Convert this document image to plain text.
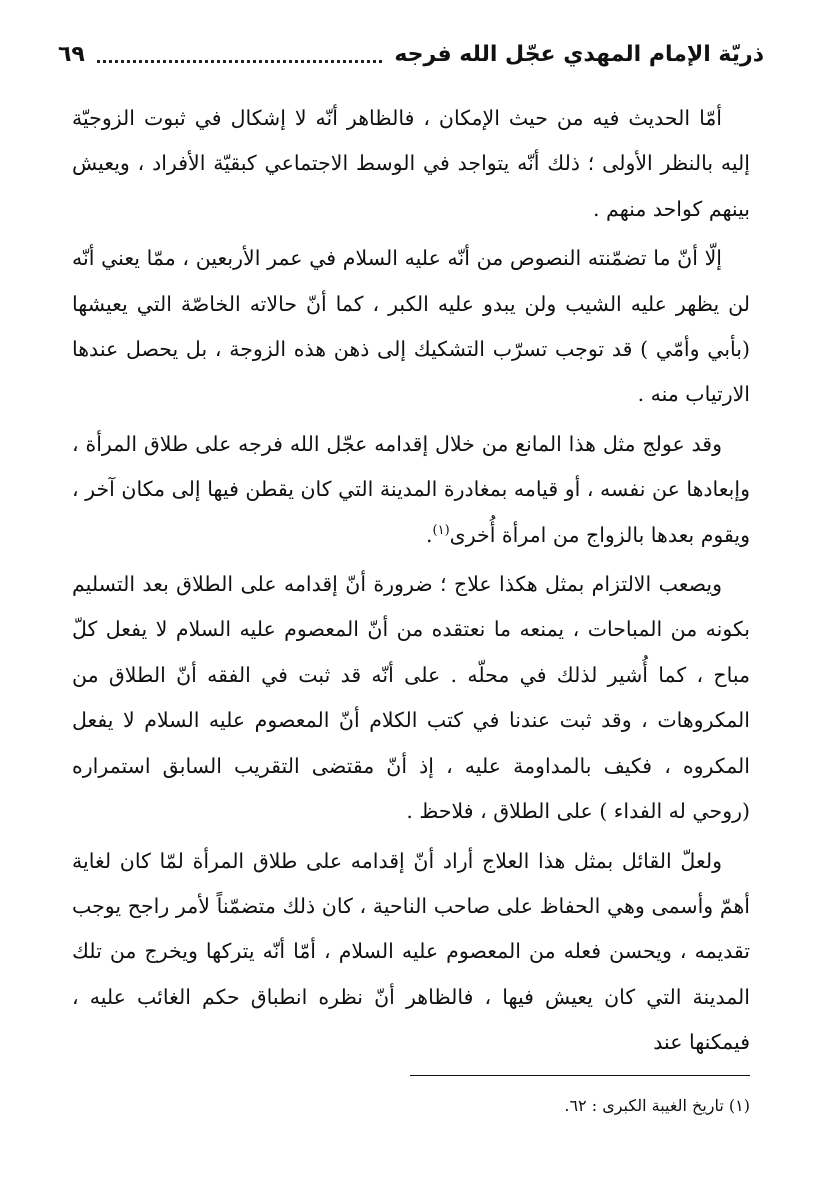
ذريّة الإمام المهدي عجّل الله فرجه
٦٩

أمّا الحديث فيه من حيث الإمكان ، فالظاهر أنّه لا إشكال في ثبوت الزوجيّة إليه بالنظر الأولى ؛ ذلك أنّه يتواجد في الوسط الاجتماعي كبقيّة الأفراد ، ويعيش بينهم كواحد منهم .

إلّا أنّ ما تضمّنته النصوص من أنّه عليه السلام في عمر الأربعين ، ممّا يعني أنّه لن يظهر عليه الشيب ولن يبدو عليه الكبر ، كما أنّ حالاته الخاصّة التي يعيشها (بأبي وأمّي ) قد توجب تسرّب التشكيك إلى ذهن هذه الزوجة ، بل يحصل عندها الارتياب منه .

وقد عولج مثل هذا المانع من خلال إقدامه عجّل الله فرجه على طلاق المرأة ، وإبعادها عن نفسه ، أو قيامه بمغادرة المدينة التي كان يقطن فيها إلى مكان آخر ، ويقوم بعدها بالزواج من امرأة أُخرى$^{(١)}$.

ويصعب الالتزام بمثل هكذا علاج ؛ ضرورة أنّ إقدامه على الطلاق بعد التسليم بكونه من المباحات ، يمنعه ما نعتقده من أنّ المعصوم عليه السلام لا يفعل كلّ مباح ، كما أُشير لذلك في محلّه . على أنّه قد ثبت في الفقه أنّ الطلاق من المكروهات ، وقد ثبت عندنا في كتب الكلام أنّ المعصوم عليه السلام لا يفعل المكروه ، فكيف بالمداومة عليه ، إذ أنّ مقتضى التقريب السابق استمراره (روحي له الفداء ) على الطلاق ، فلاحظ .

ولعلّ القائل بمثل هذا العلاج أراد أنّ إقدامه على طلاق المرأة لمّا كان لغاية أهمّ وأسمى وهي الحفاظ على صاحب الناحية ، كان ذلك متضمّناً لأمر راجح يوجب تقديمه ، ويحسن فعله من المعصوم عليه السلام ، أمّا أنّه يتركها ويخرج من تلك المدينة التي كان يعيش فيها ، فالظاهر أنّ نظره انطباق حكم الغائب عليه ، فيمكنها عند

(١) تاريخ الغيبة الكبرى : ٦٢.
